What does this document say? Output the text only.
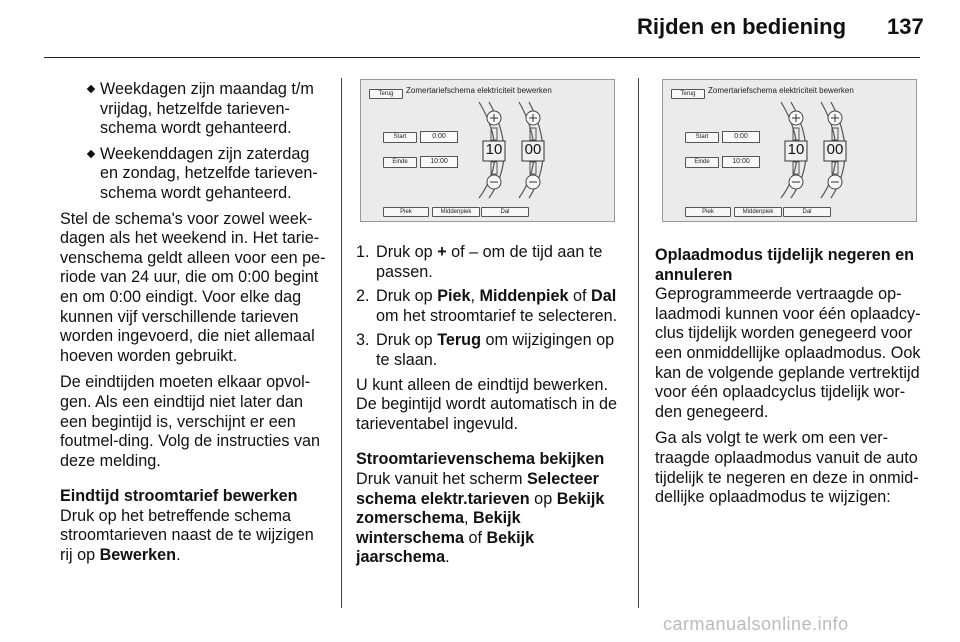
Rijden en bediening 137

Weekdagen zijn maandag t/m vrijdag, hetzelfde tarieven-schema wordt gehanteerd.

Weekenddagen zijn zaterdag en zondag, hetzelfde tarieven-schema wordt gehanteerd.

Stel de schema's voor zowel week-dagen als het weekend in. Het tarie-venschema geldt alleen voor een pe-riode van 24 uur, die om 0:00 begint en om 0:00 eindigt. Voor elke dag kunnen vijf verschillende tarieven worden ingevoerd, die niet allemaal hoeven worden gebruikt.

De eindtijden moeten elkaar opvol-gen. Als een eindtijd niet later dan een begintijd is, verschijnt er een foutmel-ding. Volg de instructies van deze melding.

Eindtijd stroomtarief bewerken

Druk op het betreffende schema stroomtarieven naast de te wijzigen rij op Bewerken.

Terug	Zomertariefschema elektriciteit bewerken
Start	0:00
Einde	10:00
10 00
Piek	Middenpiek	Dal
1. Druk op + of – om de tijd aan te passen.
2. Druk op Piek, Middenpiek of Dal om het stroomtarief te selecteren.
3. Druk op Terug om wijzigingen op te slaan.

U kunt alleen de eindtijd bewerken. De begintijd wordt automatisch in de tarieventabel ingevuld.

Stroomtarievenschema bekijken

Druk vanuit het scherm Selecteer schema elektr.tarieven op Bekijk zomerschema, Bekijk winterschema of Bekijk jaarschema.

Terug	Zomertariefschema elektriciteit bewerken
Start	0:00
Einde	10:00
10 00
Piek	Middenpiek	Dal

Oplaadmodus tijdelijk negeren en annuleren

Geprogrammeerde vertraagde op-laadmodi kunnen voor één oplaadcy-clus tijdelijk worden genegeerd voor een onmiddellijke oplaadmodus. Ook kan de volgende geplande vertrektijd voor één oplaadcyclus tijdelijk wor-den genegeerd.

Ga als volgt te werk om een ver-traagde oplaadmodus vanuit de auto tijdelijk te negeren en deze in onmid-dellijke oplaadmodus te wijzigen:

carmanualsonline.info
